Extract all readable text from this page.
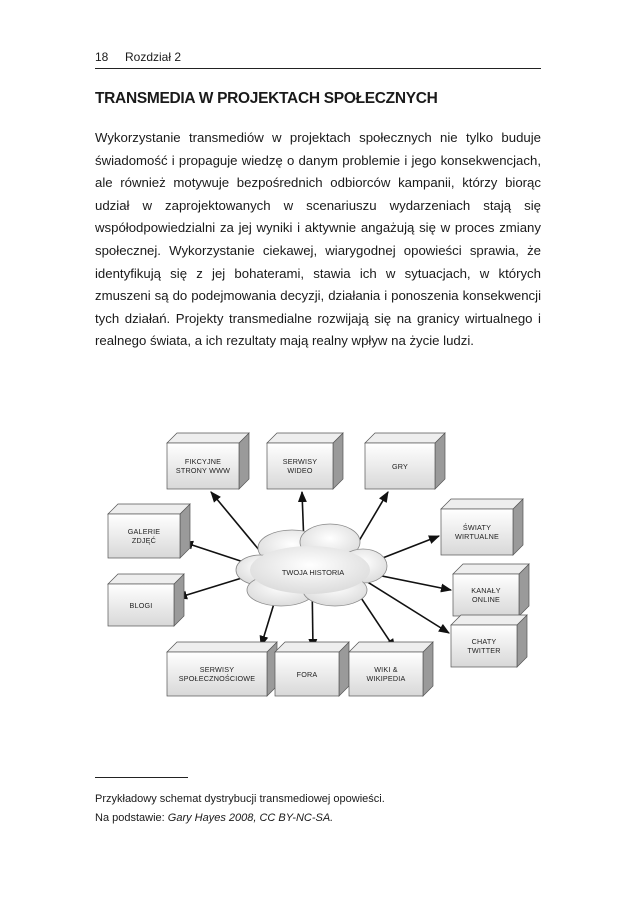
18 Rozdział 2
TRANSMEDIA W PROJEKTACH SPOŁECZNYCH

Wykorzystanie transmediów w projektach społecznych nie tylko buduje świadomość i propaguje wiedzę o danym problemie i jego konsekwencjach, ale również motywuje bezpośrednich odbiorców kampanii, którzy biorąc udział w zaprojektowanych w scenariuszu wydarzeniach stają się współodpowiedzialni za jej wyniki i aktywnie angażują się w proces zmiany społecznej. Wykorzystanie ciekawej, wiarygodnej opowieści sprawia, że identyfikują się z jej bohaterami, stawia ich w sytuacjach, w których zmuszeni są do podejmowania decyzji, działania i ponoszenia konsekwencji tych działań. Projekty transmedialne rozwijają się na granicy wirtualnego i realnego świata, a ich rezultaty mają realny wpływ na życie ludzi.

TWOJA HISTORIA
FIKCYJNE
STRONY WWW
SERWISY
WIDEO	GRY
GALERIE
ZDJĘĆ
ŚWIATY
WIRTUALNE
BLOGI
KANAŁY
ONLINE
CHATY
TWITTER
SERWISY
SPOŁECZNOŚCIOWE	FORA	WIKI &
WIKIPEDIA
Przykładowy schemat dystrybucji transmediowej opowieści.
Na podstawie: Gary Hayes 2008, CC BY-NC-SA.
